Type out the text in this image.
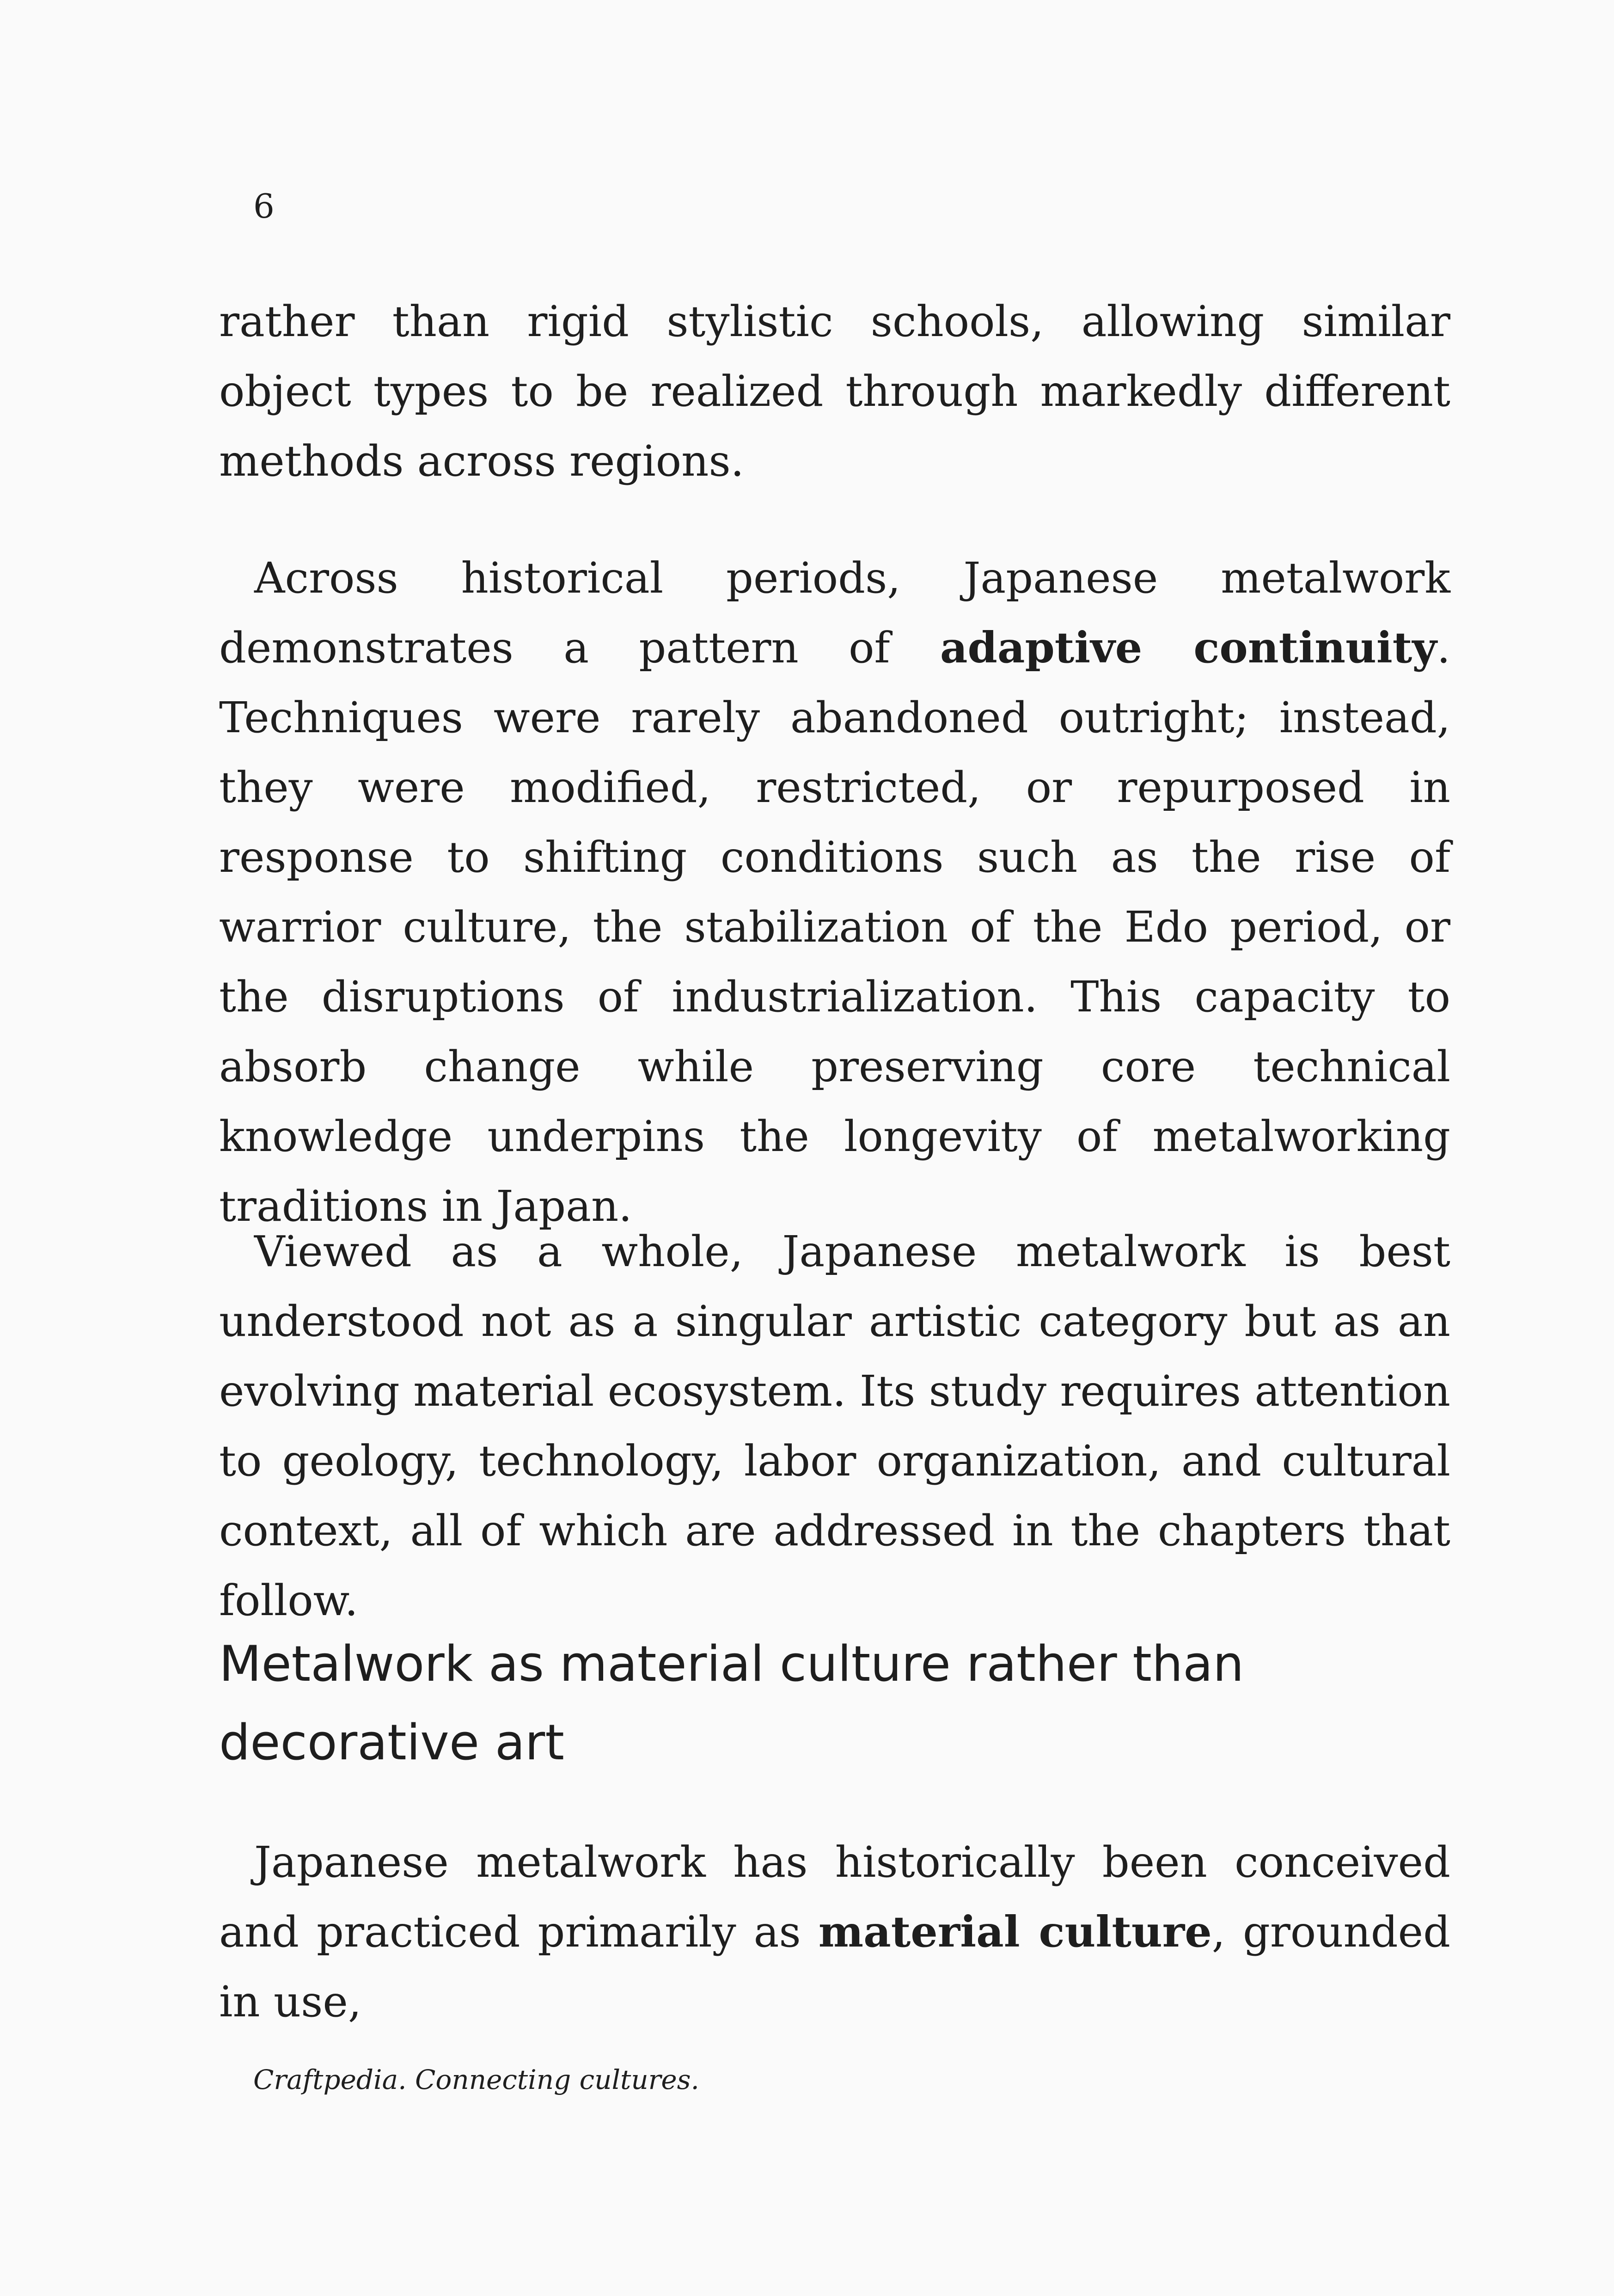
6

rather than rigid stylistic schools, allowing similar object types to be realized through markedly different methods across regions.

Across historical periods, Japanese metalwork demonstrates a pattern of adaptive continuity. Techniques were rarely abandoned outright; instead, they were modified, restricted, or repurposed in response to shifting conditions such as the rise of warrior culture, the stabilization of the Edo period, or the disruptions of industrialization. This capacity to absorb change while preserving core technical knowledge underpins the longevity of metalworking traditions in Japan.

Viewed as a whole, Japanese metalwork is best understood not as a singular artistic category but as an evolving material ecosystem. Its study requires attention to geology, technology, labor organization, and cultural context, all of which are addressed in the chapters that follow.

Metalwork as material culture rather than decorative art

Japanese metalwork has historically been conceived and practiced primarily as material culture, grounded in use,

Craftpedia. Connecting cultures.
